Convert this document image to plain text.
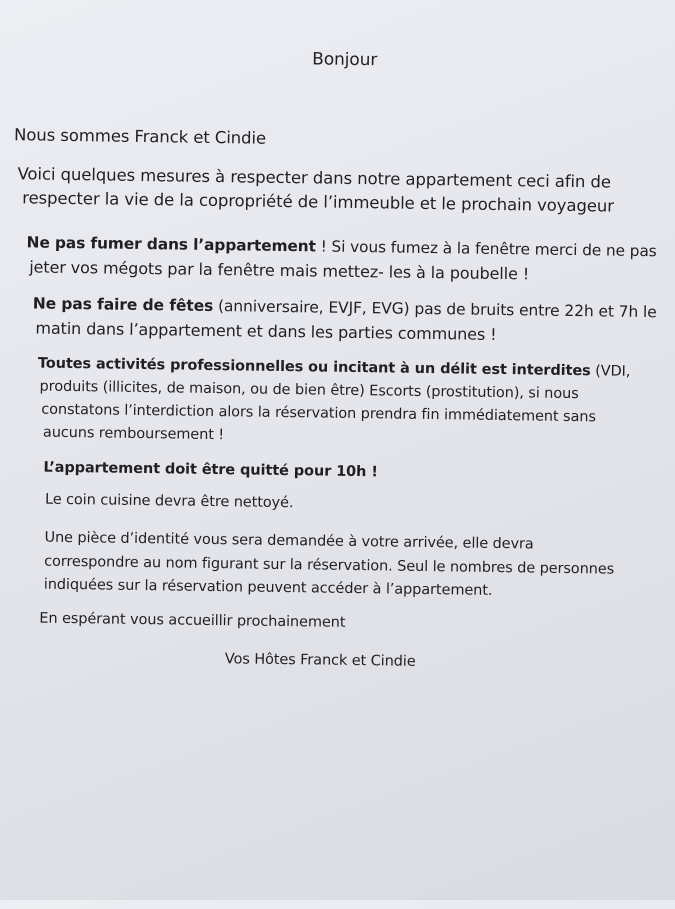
Bonjour
Nous sommes Franck et Cindie
Voici quelques mesures à respecter dans notre appartement ceci afin de
respecter la vie de la copropriété de l’immeuble et le prochain voyageur
Ne pas fumer dans l’appartement ! Si vous fumez à la fenêtre merci de ne pas
jeter vos mégots par la fenêtre mais mettez- les à la poubelle !
Ne pas faire de fêtes (anniversaire, EVJF, EVG) pas de bruits entre 22h et 7h le
matin dans l’appartement et dans les parties communes !
Toutes activités professionnelles ou incitant à un délit est interdites (VDI,
produits (illicites, de maison, ou de bien être) Escorts (prostitution), si nous
constatons l’interdiction alors la réservation prendra fin immédiatement sans
aucuns remboursement !
L’appartement doit être quitté pour 10h !
Le coin cuisine devra être nettoyé.
Une pièce d’identité vous sera demandée à votre arrivée, elle devra
correspondre au nom figurant sur la réservation. Seul le nombres de personnes
indiquées sur la réservation peuvent accéder à l’appartement.
En espérant vous accueillir prochainement
Vos Hôtes Franck et Cindie
